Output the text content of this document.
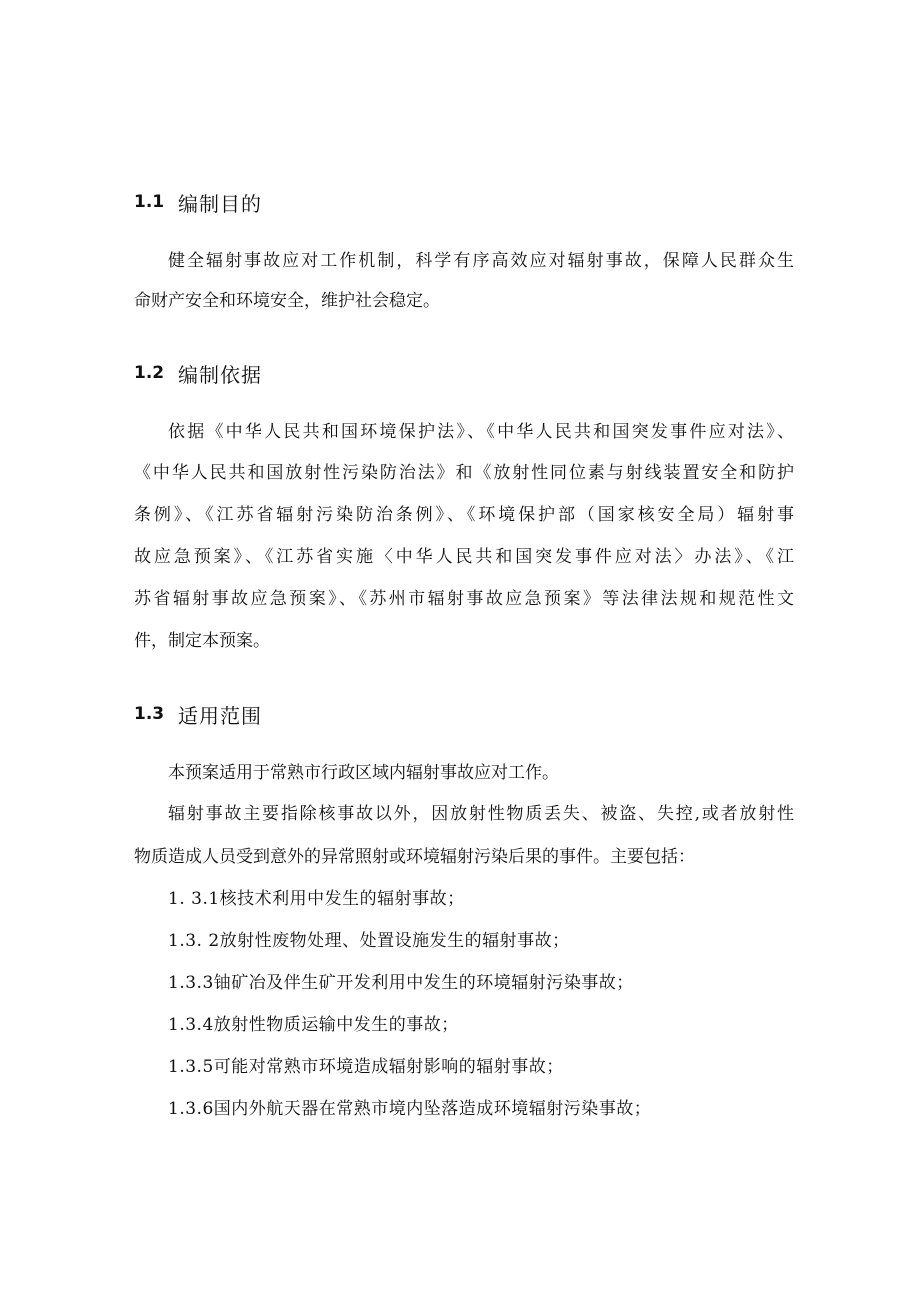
1.1 编制目的
健全辐射事故应对工作机制，科学有序高效应对辐射事故，保障人民群众生
命财产安全和环境安全，维护社会稳定。
1.2 编制依据
依据《中华人民共和国环境保护法》、《中华人民共和国突发事件应对法》、
《中华人民共和国放射性污染防治法》和《放射性同位素与射线装置安全和防护
条例》、《江苏省辐射污染防治条例》、《环境保护部（国家核安全局）辐射事
故应急预案》、《江苏省实施〈中华人民共和国突发事件应对法〉办法》、《江
苏省辐射事故应急预案》、《苏州市辐射事故应急预案》等法律法规和规范性文
件，制定本预案。
1.3 适用范围
本预案适用于常熟市行政区域内辐射事故应对工作。
辐射事故主要指除核事故以外，因放射性物质丢失、被盗、失控,或者放射性
物质造成人员受到意外的异常照射或环境辐射污染后果的事件。主要包括：
1. 3.1核技术利用中发生的辐射事故；
1.3. 2放射性废物处理、处置设施发生的辐射事故；
1.3.3铀矿冶及伴生矿开发利用中发生的环境辐射污染事故；
1.3.4放射性物质运输中发生的事故；
1.3.5可能对常熟市环境造成辐射影响的辐射事故；
1.3.6国内外航天器在常熟市境内坠落造成环境辐射污染事故；
